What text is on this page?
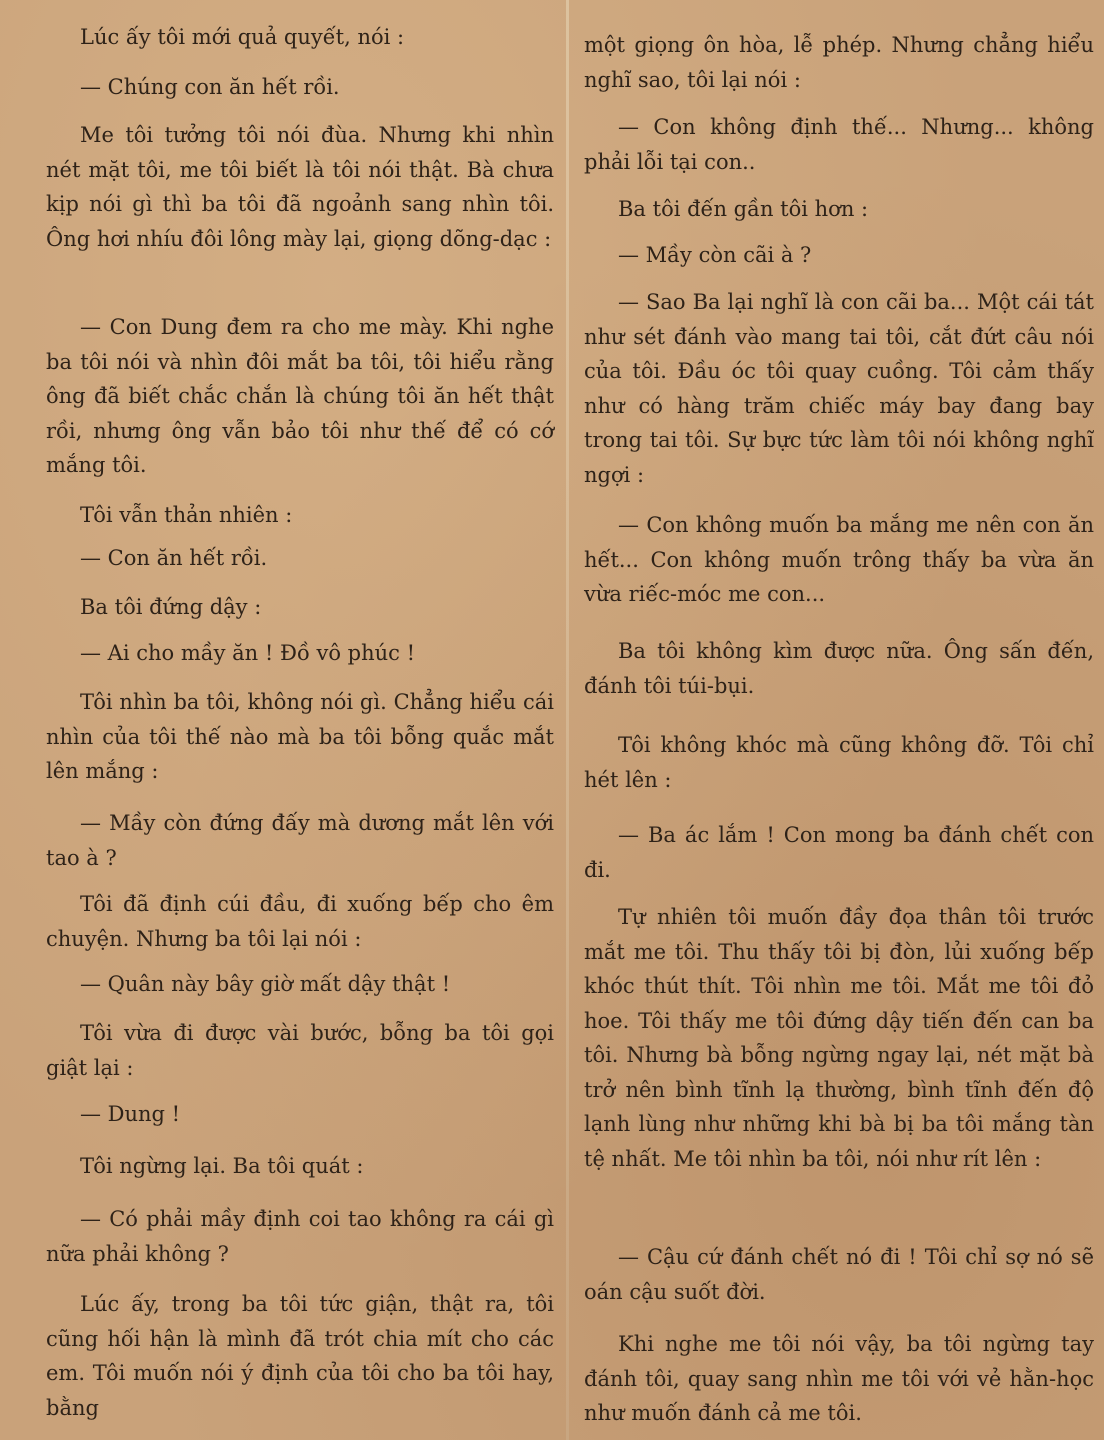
Lúc ấy tôi mới quả quyết, nói :

— Chúng con ăn hết rồi.

Me tôi tưởng tôi nói đùa. Nhưng khi nhìn nét mặt tôi, me tôi biết là tôi nói thật. Bà chưa kịp nói gì thì ba tôi đã ngoảnh sang nhìn tôi. Ông hơi nhíu đôi lông mày lại, giọng dõng-dạc :

— Con Dung đem ra cho me mày. Khi nghe ba tôi nói và nhìn đôi mắt ba tôi, tôi hiểu rằng ông đã biết chắc chắn là chúng tôi ăn hết thật rồi, nhưng ông vẫn bảo tôi như thế để có cớ mắng tôi.

Tôi vẫn thản nhiên :

— Con ăn hết rồi.

Ba tôi đứng dậy :

— Ai cho mầy ăn ! Đồ vô phúc !

Tôi nhìn ba tôi, không nói gì. Chẳng hiểu cái nhìn của tôi thế nào mà ba tôi bỗng quắc mắt lên mắng :

— Mầy còn đứng đấy mà dương mắt lên với tao à ?

Tôi đã định cúi đầu, đi xuống bếp cho êm chuyện. Nhưng ba tôi lại nói :

— Quân này bây giờ mất dậy thật !

Tôi vừa đi được vài bước, bỗng ba tôi gọi giật lại :

— Dung !

Tôi ngừng lại. Ba tôi quát :

— Có phải mầy định coi tao không ra cái gì nữa phải không ?

Lúc ấy, trong ba tôi tức giận, thật ra, tôi cũng hối hận là mình đã trót chia mít cho các em. Tôi muốn nói ý định của tôi cho ba tôi hay, bằng

một giọng ôn hòa, lễ phép. Nhưng chẳng hiểu nghĩ sao, tôi lại nói :

— Con không định thế... Nhưng... không phải lỗi tại con..

Ba tôi đến gần tôi hơn :

— Mầy còn cãi à ?

— Sao Ba lại nghĩ là con cãi ba... Một cái tát như sét đánh vào mang tai tôi, cắt đứt câu nói của tôi. Đầu óc tôi quay cuồng. Tôi cảm thấy như có hàng trăm chiếc máy bay đang bay trong tai tôi. Sự bực tức làm tôi nói không nghĩ ngợi :

— Con không muốn ba mắng me nên con ăn hết... Con không muốn trông thấy ba vừa ăn vừa riếc-móc me con...

Ba tôi không kìm được nữa. Ông sấn đến, đánh tôi túi-bụi.

Tôi không khóc mà cũng không đỡ. Tôi chỉ hét lên :

— Ba ác lắm ! Con mong ba đánh chết con đi.

Tự nhiên tôi muốn đầy đọa thân tôi trước mắt me tôi. Thu thấy tôi bị đòn, lủi xuống bếp khóc thút thít. Tôi nhìn me tôi. Mắt me tôi đỏ hoe. Tôi thấy me tôi đứng dậy tiến đến can ba tôi. Nhưng bà bỗng ngừng ngay lại, nét mặt bà trở nên bình tĩnh lạ thường, bình tĩnh đến độ lạnh lùng như những khi bà bị ba tôi mắng tàn tệ nhất. Me tôi nhìn ba tôi, nói như rít lên :

— Cậu cứ đánh chết nó đi ! Tôi chỉ sợ nó sẽ oán cậu suốt đời.

Khi nghe me tôi nói vậy, ba tôi ngừng tay đánh tôi, quay sang nhìn me tôi với vẻ hằn-học như muốn đánh cả me tôi.
